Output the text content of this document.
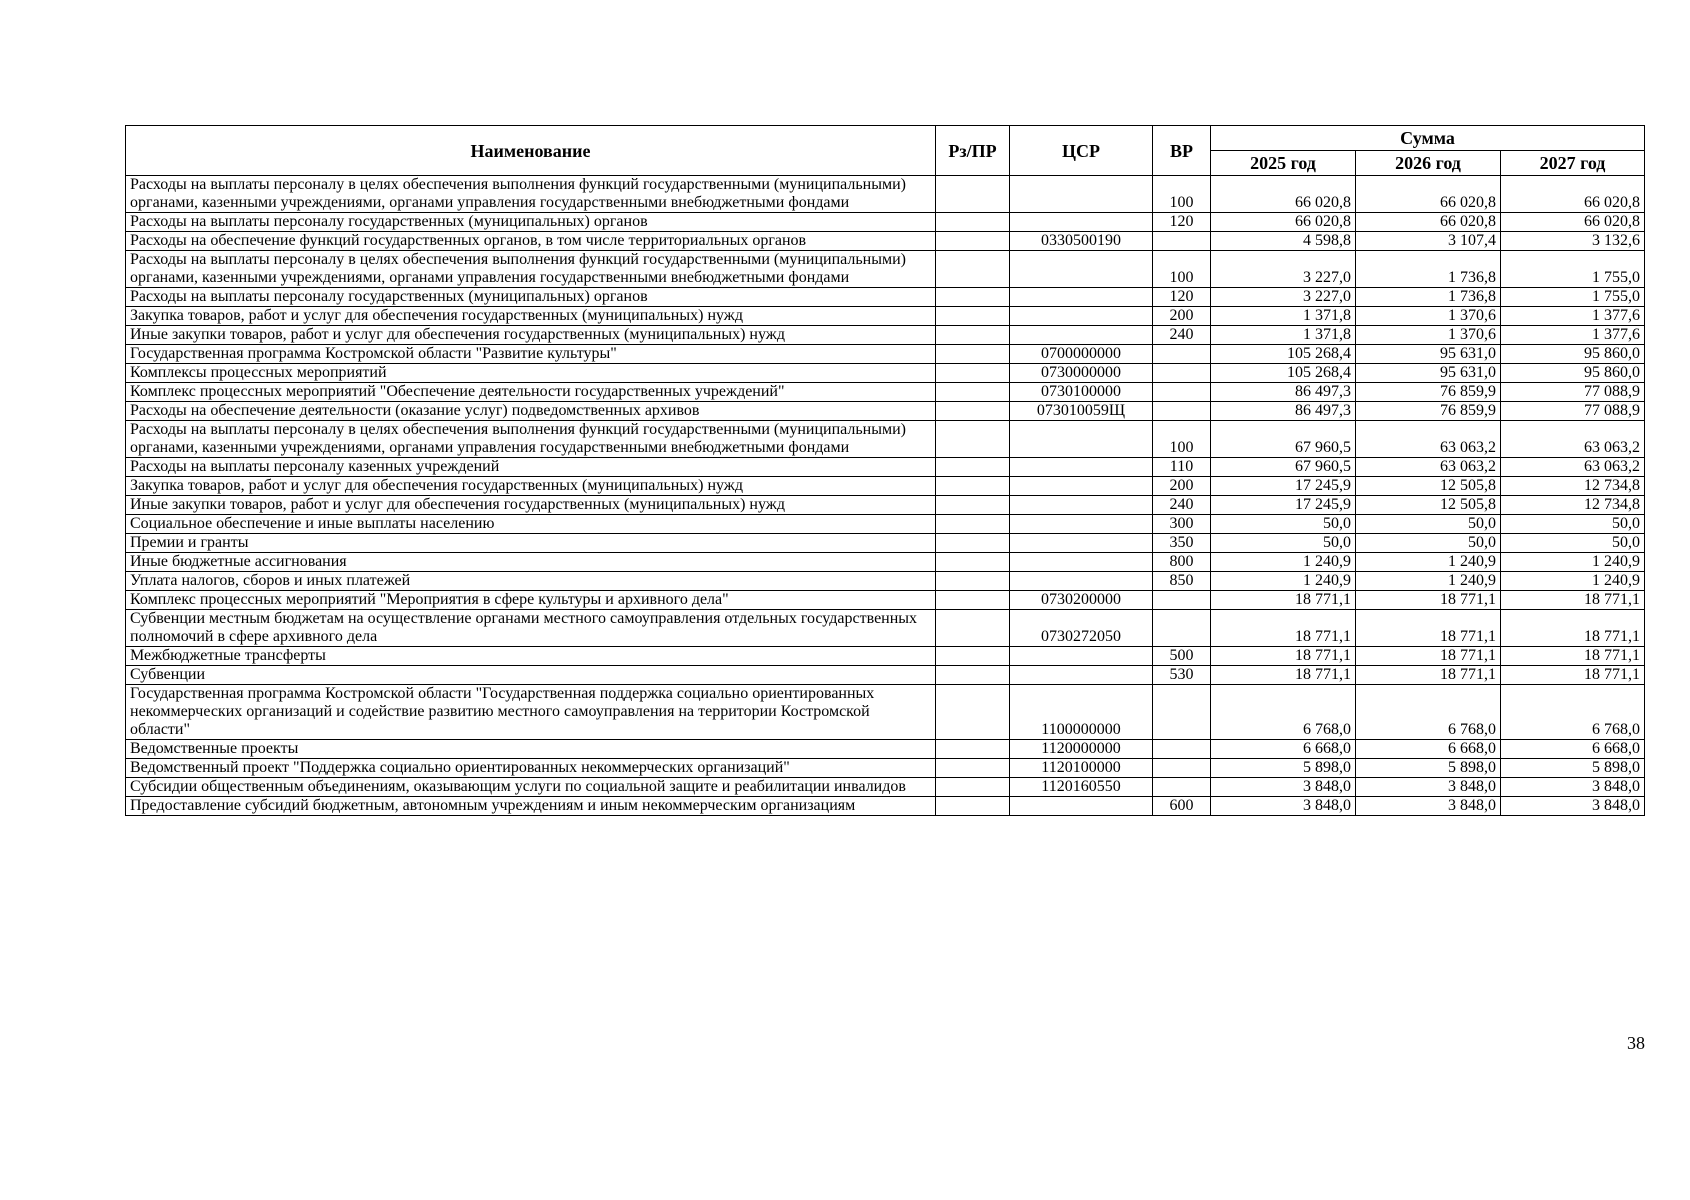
Наименование	Рз/ПР	ЦСР	ВР	Сумма		
				2025 год	2026 год	2027 год
Расходы на выплаты персоналу в целях обеспечения выполнения функций государственными (муниципальными) органами, казенными учреждениями, органами управления государственными внебюджетными фондами			100	66 020,8	66 020,8	66 020,8
Расходы на выплаты персоналу государственных (муниципальных) органов			120	66 020,8	66 020,8	66 020,8
Расходы на обеспечение функций государственных органов, в том числе территориальных органов		0330500190		4 598,8	3 107,4	3 132,6
Расходы на выплаты персоналу в целях обеспечения выполнения функций государственными (муниципальными) органами, казенными учреждениями, органами управления государственными внебюджетными фондами			100	3 227,0	1 736,8	1 755,0
Расходы на выплаты персоналу государственных (муниципальных) органов			120	3 227,0	1 736,8	1 755,0
Закупка товаров, работ и услуг для обеспечения государственных (муниципальных) нужд			200	1 371,8	1 370,6	1 377,6
Иные закупки товаров, работ и услуг для обеспечения государственных (муниципальных) нужд			240	1 371,8	1 370,6	1 377,6
Государственная программа Костромской области "Развитие культуры"		0700000000		105 268,4	95 631,0	95 860,0
Комплексы процессных мероприятий		0730000000		105 268,4	95 631,0	95 860,0
Комплекс процессных мероприятий "Обеспечение деятельности государственных учреждений"		0730100000		86 497,3	76 859,9	77 088,9
Расходы на обеспечение деятельности (оказание услуг) подведомственных архивов		073010059Щ		86 497,3	76 859,9	77 088,9
Расходы на выплаты персоналу в целях обеспечения выполнения функций государственными (муниципальными) органами, казенными учреждениями, органами управления государственными внебюджетными фондами			100	67 960,5	63 063,2	63 063,2
Расходы на выплаты персоналу казенных учреждений			110	67 960,5	63 063,2	63 063,2
Закупка товаров, работ и услуг для обеспечения государственных (муниципальных) нужд			200	17 245,9	12 505,8	12 734,8
Иные закупки товаров, работ и услуг для обеспечения государственных (муниципальных) нужд			240	17 245,9	12 505,8	12 734,8
Социальное обеспечение и иные выплаты населению			300	50,0	50,0	50,0
Премии и гранты			350	50,0	50,0	50,0
Иные бюджетные ассигнования			800	1 240,9	1 240,9	1 240,9
Уплата налогов, сборов и иных платежей			850	1 240,9	1 240,9	1 240,9
Комплекс процессных мероприятий "Мероприятия в сфере культуры и архивного дела"		0730200000		18 771,1	18 771,1	18 771,1
Субвенции местным бюджетам на осуществление органами местного самоуправления отдельных государственных полномочий в сфере архивного дела		0730272050		18 771,1	18 771,1	18 771,1
Межбюджетные трансферты			500	18 771,1	18 771,1	18 771,1
Субвенции			530	18 771,1	18 771,1	18 771,1
Государственная программа Костромской области "Государственная поддержка социально ориентированных некоммерческих организаций и содействие развитию местного самоуправления на территории Костромской области"		1100000000		6 768,0	6 768,0	6 768,0
Ведомственные проекты		1120000000		6 668,0	6 668,0	6 668,0
Ведомственный проект "Поддержка социально ориентированных некоммерческих организаций"		1120100000		5 898,0	5 898,0	5 898,0
Субсидии общественным объединениям, оказывающим услуги по социальной защите и реабилитации инвалидов		1120160550		3 848,0	3 848,0	3 848,0
Предоставление субсидий бюджетным, автономным учреждениям и иным некоммерческим организациям			600	3 848,0	3 848,0	3 848,0
38
